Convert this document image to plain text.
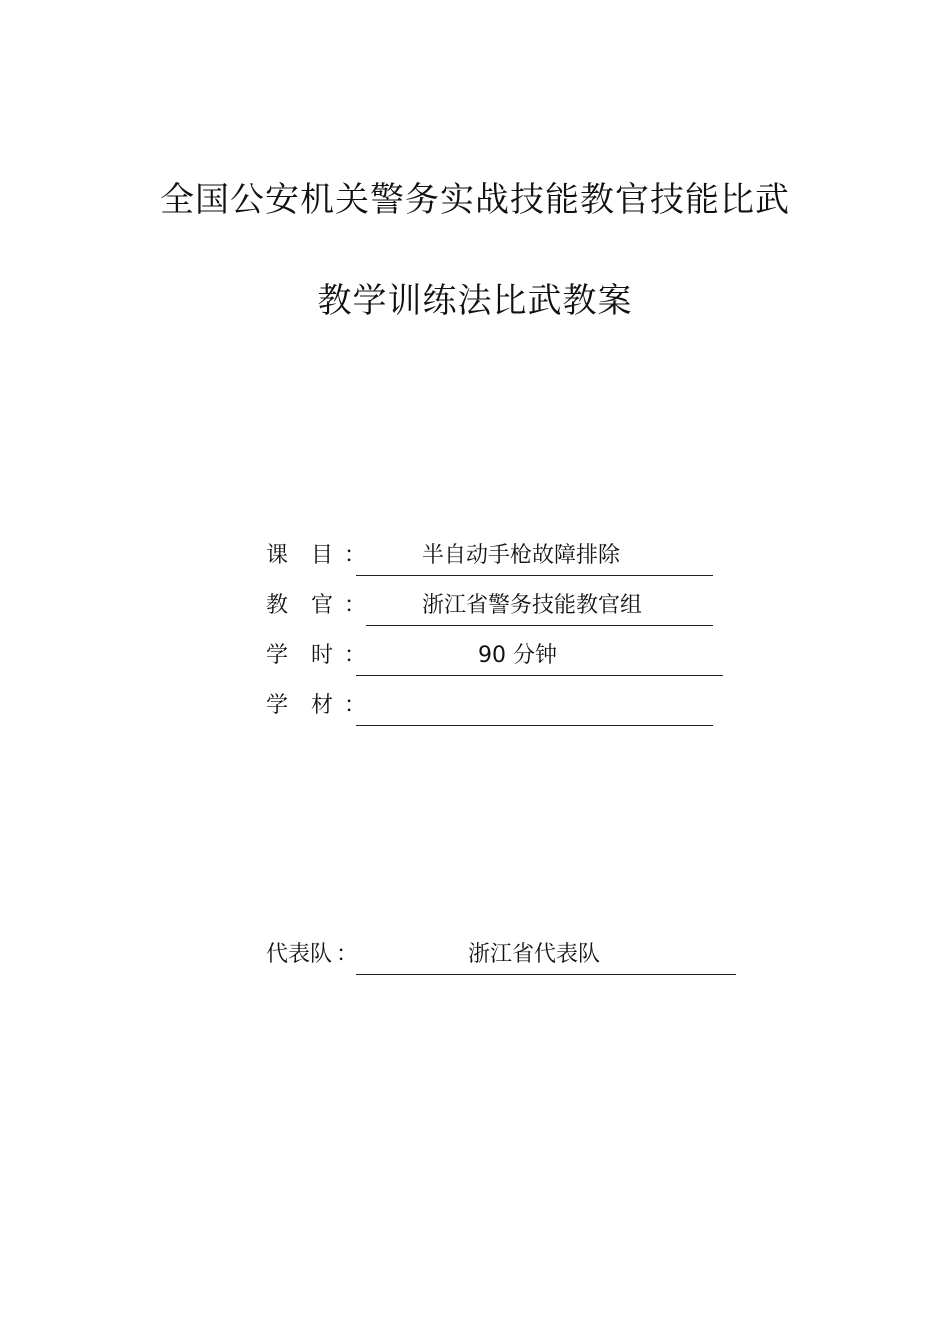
全国公安机关警务实战技能教官技能比武
教学训练法比武教案
课 目 ：	半自动手枪故障排除
教 官 ：	浙江省警务技能教官组
学 时 ：	90 分钟
学 材 ：
代表队 ：	浙江省代表队
